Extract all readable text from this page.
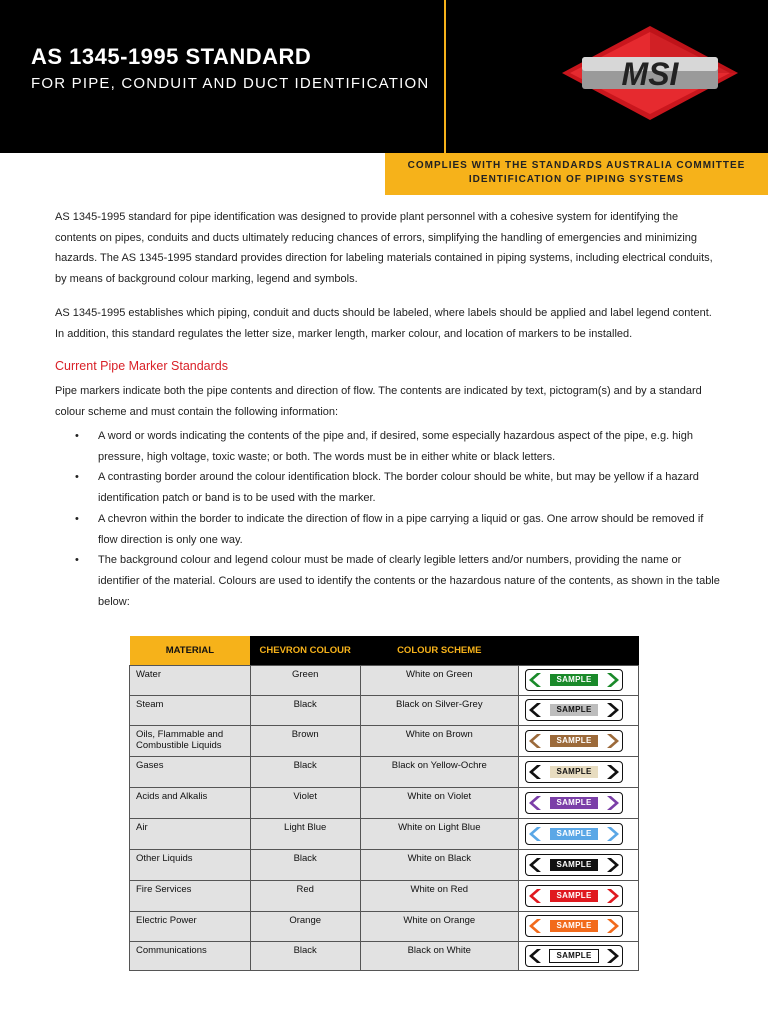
AS 1345-1995 STANDARD
FOR PIPE, CONDUIT AND DUCT IDENTIFICATION	MSI
COMPLIES WITH THE STANDARDS AUSTRALIA COMMITTEE
IDENTIFICATION OF PIPING SYSTEMS

AS 1345-1995 standard for pipe identification was designed to provide plant personnel with a cohesive system for identifying the contents on pipes, conduits and ducts ultimately reducing chances of errors, simplifying the handling of emergencies and minimizing hazards. The AS 1345-1995 standard provides direction for labeling materials contained in piping systems, including electrical conduits, by means of background colour marking, legend and symbols.

AS 1345-1995 establishes which piping, conduit and ducts should be labeled, where labels should be applied and label legend content. In addition, this standard regulates the letter size, marker length, marker colour, and location of markers to be installed.

Current Pipe Marker Standards

Pipe markers indicate both the pipe contents and direction of flow. The contents are indicated by text, pictogram(s) and by a standard colour scheme and must contain the following information:

• A word or words indicating the contents of the pipe and, if desired, some especially hazardous aspect of the pipe, e.g. high pressure, high voltage, toxic waste; or both. The words must be in either white or black letters.
• A contrasting border around the colour identification block. The border colour should be white, but may be yellow if a hazard identification patch or band is to be used with the marker.
• A chevron within the border to indicate the direction of flow in a pipe carrying a liquid or gas. One arrow should be removed if flow direction is only one way.
• The background colour and legend colour must be made of clearly legible letters and/or numbers, providing the name or identifier of the material. Colours are used to identify the contents or the hazardous nature of the contents, as shown in the table below:
MATERIAL	CHEVRON COLOUR	COLOUR SCHEME	
Water	Green	White on Green	SAMPLE

Steam	Black	Black on Silver-Grey	SAMPLE

Oils, Flammable and Combustible Liquids	Brown	White on Brown	SAMPLE

Gases	Black	Black on Yellow-Ochre	SAMPLE

Acids and Alkalis	Violet	White on Violet	SAMPLE

Air	Light Blue	White on Light Blue	SAMPLE

Other Liquids	Black	White on Black	SAMPLE

Fire Services	Red	White on Red	SAMPLE

Electric Power	Orange	White on Orange	SAMPLE

Communications	Black	Black on White	SAMPLE
